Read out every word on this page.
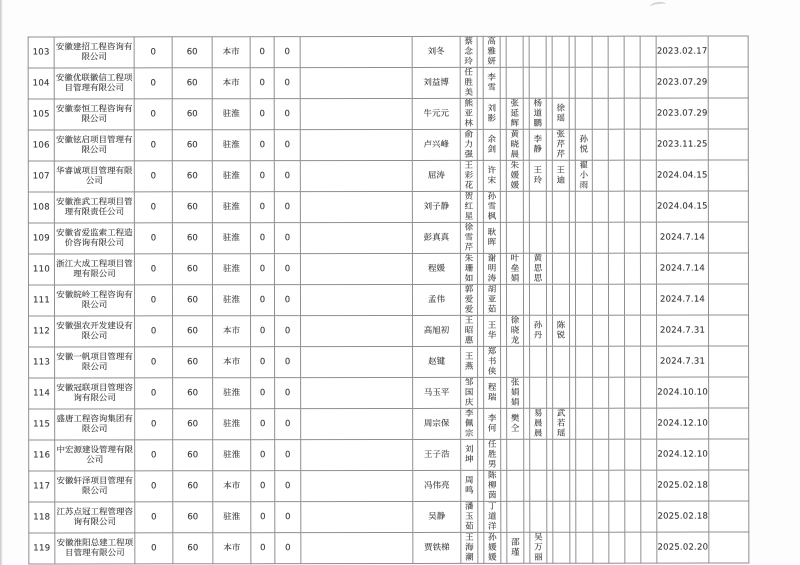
103	安徽建招工程咨询有限公司	0	60	本市	0	0		刘冬	蔡念玲		高雅妍													2023.02.17	
104	安徽优联徽信工程项目管理有限公司	0	60	本市	0	0		刘益博	任胜美		李雪													2023.07.29	
105	安徽泰恒工程咨询有限公司	0	60	驻淮	0	0		牛元元	熊亚林		刘影		张延辉		杨道鹏		徐瑶							2023.07.29	
106	安徽铉启项目管理有限公司	0	60	驻淮	0	0		卢兴峰	俞力强		余剑		黄晓晨		李静		张芹芹		孙悦					2023.11.25	
107	华睿诚项目管理有限公司	0	60	驻淮	0	0		屈涛	王彩花		许宋		朱媛媛		王玲		王迪		翟小雨					2024.04.15	
108	安徽淮武工程项目管理有限责任公司	0	60	驻淮	0	0		刘子静	贺红星		孙雪枫													2024.04.15	
109	安徽省爱监索工程造价咨询有限公司	0	60	驻淮	0	0		彭真真	徐雪芹		耿晖													2024.7.14	
110	浙江大成工程项目管理有限公司	0	60	驻淮	0	0		程媛	朱珊如		谢明涛		叶垒娟		黄思思									2024.7.14	
111	安徽皖岭工程咨询有限公司	0	60	驻淮	0	0		孟伟	郭爱爱		胡亚茹													2024.7.14	
112	安徽强农开发建设有限公司	0	60	本市	0	0		高旭初	王昭惠		王华		徐晓龙		孙丹		陈锐							2024.7.31	
113	安徽一帆项目管理有限公司	0	60	本市	0	0		赵键	王燕		郑书侠													2024.7.31	
114	安徽冠联项目管理咨询有限公司	0	60	驻淮	0	0		马玉平	邹国庆		程瑞		张娟娟											2024.10.10	
115	盛唐工程咨询集团有限公司	0	60	驻淮	0	0		周宗保	李佩宗		李何		樊仝		易晨晨		武若瑶							2024.12.10	
116	中宏源建设管理有限 公司	0	60	驻淮	0	0		王子浩	刘坤		任胜男													2024.12.10	
117	安徽轩泽项目管理有限公司	0	60	本市	0	0		冯伟亮	周鸣		陈柳茵													2025.02.18	
118	江苏点冠工程管理咨询有限公司	0	60	驻淮	0	0		吴静	潘玉茹		丁道洋													2025.02.18	
119	安徽淮阳总建工程项目管理有限公司	0	60	本市	0	0		贾铁梯	王海潮		孙媛媛		邵瑾		吴万丽									2025.02.20	
